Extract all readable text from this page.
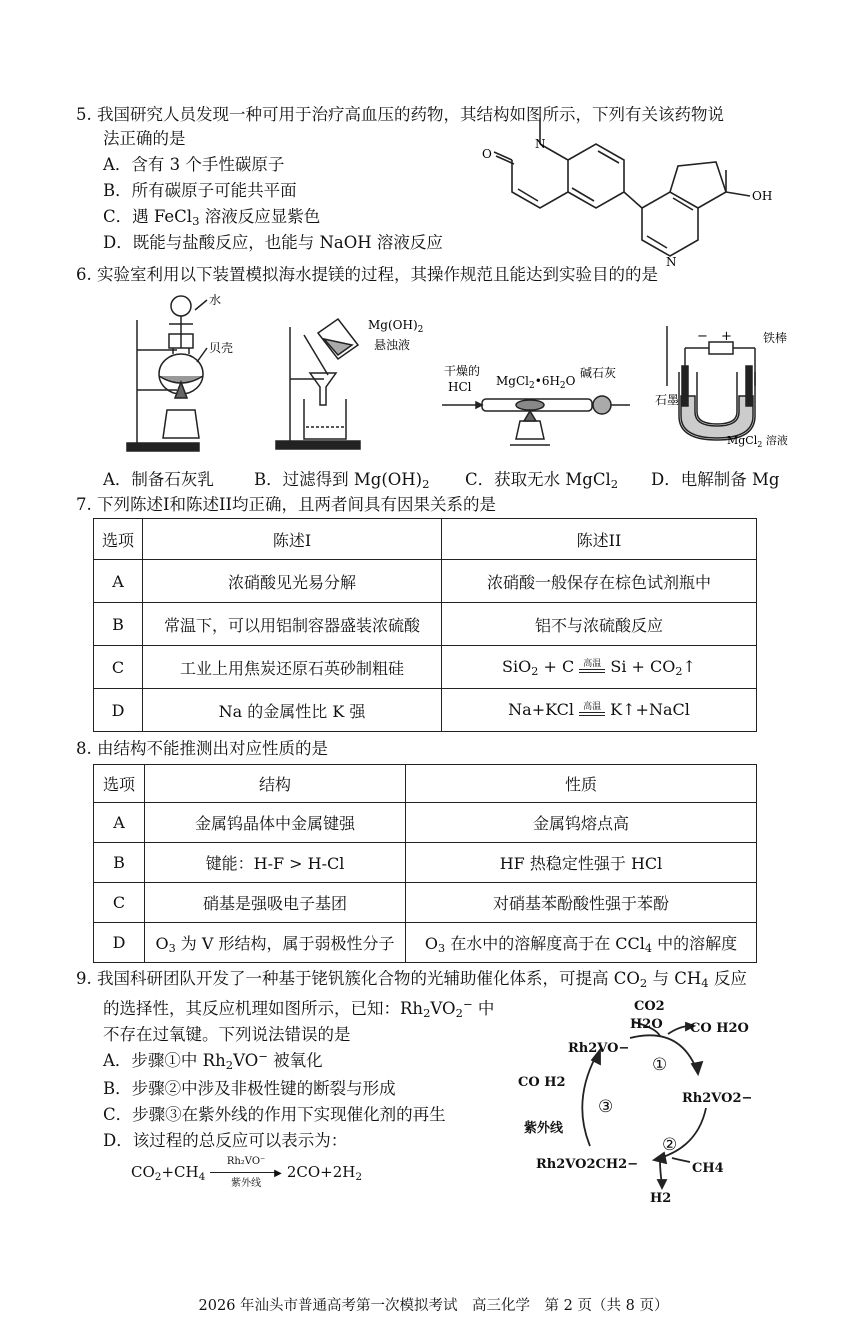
5. 我国研究人员发现一种可用于治疗高血压的药物，其结构如图所示，下列有关该药物说
法正确的是
A．含有 3 个手性碳原子
B．所有碳原子可能共平面
C．遇 FeCl$_3$ 溶液反应显紫色
D．既能与盐酸反应，也能与 NaOH 溶液反应
O
N
OH
N
6. 实验室利用以下装置模拟海水提镁的过程，其操作规范且能达到实验目的的是
水
贝壳
$Mg(OH)_2$
悬浊液
干燥的
HCl $MgCl_2•6H_2O$
碱石灰
− +	铁棒
石墨
MgCl$_2$ 溶液
A．制备石灰乳 B．过滤得到 $Mg(OH)_2$ C．获取无水 MgCl$_2$ D．电解制备 Mg
7. 下列陈述I和陈述II均正确，且两者间具有因果关系的是
选项	陈述I	陈述II
A	浓硝酸见光易分解	浓硝酸一般保存在棕色试剂瓶中
B	常温下，可以用铝制容器盛装浓硫酸	铝不与浓硫酸反应
C	工业上用焦炭还原石英砂制粗硅	SiO$_2$ + C 高温 $Si + CO_2↑$
D	Na 的金属性比 K 强	Na+KCl 高温 K↑+NaCl
8. 由结构不能推测出对应性质的是
选项	结构	性质
A	金属钨晶体中金属键强	金属钨熔点高
B	键能：H-F > H-Cl	HF 热稳定性强于 HCl
C	硝基是强吸电子基团	对硝基苯酚酸性强于苯酚
D	$O_3$ 为 V 形结构，属于弱极性分子	$O_3$ 在水中的溶解度高于在 CCl$_4$ 中的溶解度
9. 我国科研团队开发了一种基于铑钒簇化合物的光辅助催化体系，可提高 $CO_2$ 与 $CH_4$ 反应
的选择性，其反应机理如图所示，已知：$Rh_2VO_2^-$ 中
不存在过氧键。下列说法错误的是
A．步骤①中 $Rh_2VO^-$ 被氧化
B．步骤②中涉及非极性键的断裂与形成
C．步骤③在紫外线的作用下实现催化剂的再生
D．该过程的总反应可以表示为：
$CO_2+CH_4$
Rh₂VO⁻
▶
紫外线
$2CO+2H_2$
CO2
H2O CO H2O
Rh2VO−
①
Rh2VO2−
CO H2
③
紫外线
②
CH4
Rh2VO2CH2−
H2
2026 年汕头市普通高考第一次模拟考试　高三化学　第 2 页（共 8 页）
